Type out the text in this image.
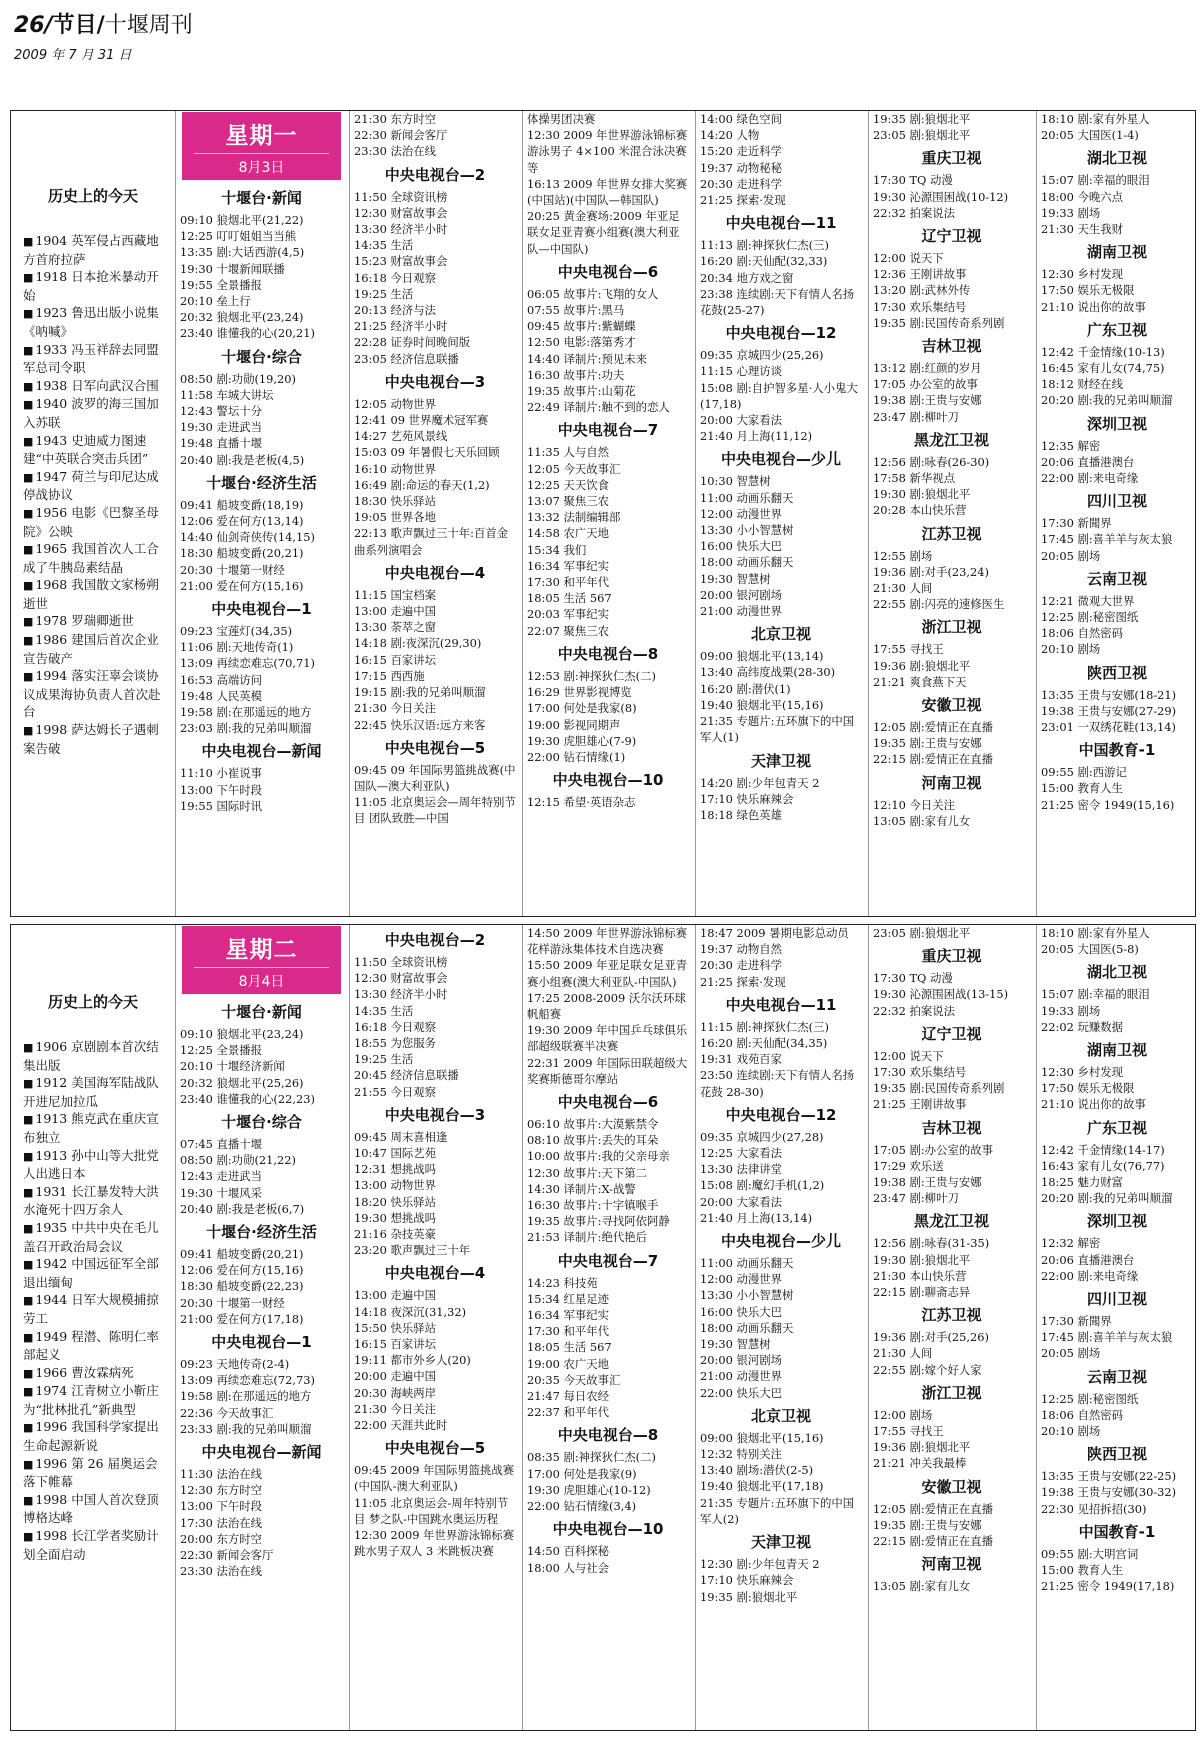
26/节目/十堰周刊
2009 年 7 月 31 日
历史上的今天

■ 1904 英军侵占西藏地方首府拉萨

■ 1918 日本抢米暴动开始

■ 1923 鲁迅出版小说集《呐喊》

■ 1933 冯玉祥辞去同盟军总司令职

■ 1938 日军向武汉合围

■ 1940 波罗的海三国加入苏联

■ 1943 史迪威力图速建“中英联合突击兵团”

■ 1947 荷兰与印尼达成停战协议

■ 1956 电影《巴黎圣母院》公映

■ 1965 我国首次人工合成了牛胰岛素结晶

■ 1968 我国散文家杨朔逝世

■ 1978 罗瑞卿逝世

■ 1986 建国后首次企业宣告破产

■ 1994 落实汪辜会谈协议成果海协负责人首次赴台

■ 1998 萨达姆长子遇刺案告破

星期一
8月3日
十堰台·新闻
09:10 狼烟北平(21,22)
12:25 叮叮姐姐当当熊
13:35 剧:大话西游(4,5)
19:30 十堰新闻联播
19:55 全景播报
20:10 垒上行
20:32 狼烟北平(23,24)
23:40 谁懂我的心(20,21)
十堰台·综合
08:50 剧:功勋(19,20)
11:58 车城大讲坛
12:43 警坛十分
19:30 走进武当
19:48 直播十堰
20:40 剧:我是老板(4,5)
十堰台·经济生活
09:41 船坡变爵(18,19)
12:06 爱在何方(13,14)
14:40 仙剑奇侠传(14,15)
18:30 船坡变爵(20,21)
20:30 十堰第一财经
21:00 爱在何方(15,16)
中央电视台—1
09:23 宝莲灯(34,35)
11:06 剧:天地传奇(1)
13:09 再续恋难忘(70,71)
16:53 高端访问
19:48 人民英模
19:58 剧:在那遥远的地方
23:03 剧:我的兄弟叫顺溜
中央电视台—新闻
11:10 小崔说事
13:00 下午时段
19:55 国际时讯
21:30 东方时空
22:30 新闻会客厅
23:30 法治在线
中央电视台—2
11:50 全球资讯榜
12:30 财富故事会
13:30 经济半小时
14:35 生活
15:23 财富故事会
16:18 今日观察
19:25 生活
20:13 经济与法
21:25 经济半小时
22:28 证券时间晚间版
23:05 经济信息联播
中央电视台—3
12:05 动物世界
12:41 09 世界魔术冠军赛
14:27 艺苑风景线
15:03 09 年暑假七天乐回顾
16:10 动物世界
16:49 剧:命运的春天(1,2)
18:30 快乐驿站
19:05 世界各地
22:13 歌声飘过三十年:百首金曲系列演唱会
中央电视台—4
11:15 国宝档案
13:00 走遍中国
13:30 荼萃之窗
14:18 剧:夜深沉(29,30)
16:15 百家讲坛
17:15 西西施
19:15 剧:我的兄弟叫顺溜
21:30 今日关注
22:45 快乐汉语:远方来客
中央电视台—5
09:45 09 年国际男篮挑战赛(中国队—澳大利亚队)
11:05 北京奥运会—周年特别节目 团队致胜—中国
体操男团决赛
12:30 2009 年世界游泳锦标赛游泳男子 4×100 米混合泳决赛等
16:13 2009 年世界女排大奖赛 (中国站)(中国队—韩国队)
20:25 黄金赛场:2009 年亚足联女足亚青赛小组赛(澳大利亚队—中国队)
中央电视台—6
06:05 故事片:飞翔的女人
07:55 故事片:黑马
09:45 故事片:紫蝴蝶
12:50 电影:落第秀才
14:40 译制片:预见未来
16:30 故事片:功夫
19:35 故事片:山菊花
22:49 译制片:触不到的恋人
中央电视台—7
11:35 人与自然
12:05 今天故事汇
12:25 天天饮食
13:07 聚焦三农
13:32 法制编辑部
14:58 农广天地
15:34 我们
16:34 军事纪实
17:30 和平年代
18:05 生活 567
20:03 军事纪实
22:07 聚焦三农
中央电视台—8
12:53 剧:神探狄仁杰(二)
16:29 世界影视博览
17:00 何处是我家(8)
19:00 影视同期声
19:30 虎胆雄心(7-9)
22:00 钻石情缘(1)
中央电视台—10
12:15 希望·英语杂志
14:00 绿色空间
14:20 人物
15:20 走近科学
19:37 动物秘秘
20:30 走进科学
21:25 探索·发现
中央电视台—11
11:13 剧:神探狄仁杰(三)
16:20 剧:天仙配(32,33)
20:34 地方戏之窗
23:38 连续剧:天下有情人名扬花鼓(25-27)
中央电视台—12
09:35 京城四少(25,26)
11:15 心理访谈
15:08 剧:自护智多星·人小鬼大(17,18)
20:00 大家看法
21:40 月上海(11,12)
中央电视台—少儿
10:30 智慧树
11:00 动画乐翻天
12:00 动漫世界
13:30 小小智慧树
16:00 快乐大巴
18:00 动画乐翻天
19:30 智慧树
20:00 银河剧场
21:00 动漫世界
北京卫视
09:00 狼烟北平(13,14)
13:40 高纬度战栗(28-30)
16:20 剧:潜伏(1)
19:40 狼烟北平(15,16)
21:35 专题片:五环旗下的中国军人(1)
天津卫视
14:20 剧:少年包青天 2
17:10 快乐麻辣会
18:18 绿色英雄
19:35 剧:狼烟北平
23:05 剧:狼烟北平
重庆卫视
17:30 TQ 动漫
19:30 沁源围困战(10-12)
22:32 拍案说法
辽宁卫视
12:00 说天下
12:36 王刚讲故事
13:20 剧:武林外传
17:30 欢乐集结号
19:35 剧:民国传奇系列剧
吉林卫视
13:12 剧:红颜的岁月
17:05 办公室的故事
19:38 剧:王贵与安娜
23:47 剧:柳叶刀
黑龙江卫视
12:56 剧:咏春(26-30)
17:58 新华视点
19:30 剧:狼烟北平
20:28 本山快乐营
江苏卫视
12:55 剧场
19:36 剧:对手(23,24)
21:30 人间
22:55 剧:闪亮的速修医生
浙江卫视
17:55 寻找王
19:36 剧:狼烟北平
21:21 爽食燕下天
安徽卫视
12:05 剧:爱情正在直播
19:35 剧:王贵与安娜
22:15 剧:爱情正在直播
河南卫视
12:10 今日关注
13:05 剧:家有儿女
18:10 剧:家有外星人
20:05 大国医(1-4)
湖北卫视
15:07 剧:幸福的眼泪
18:00 今晚六点
19:33 剧场
21:30 天生我财
湖南卫视
12:30 乡村发现
17:50 娱乐无极限
21:10 说出你的故事
广东卫视
12:42 千金情缘(10-13)
16:45 家有儿女(74,75)
18:12 财经在线
20:20 剧:我的兄弟叫顺溜
深圳卫视
12:35 解密
20:06 直播港澳台
22:00 剧:来电奇缘
四川卫视
17:30 新聞界
17:45 剧:喜羊羊与灰太狼
20:05 剧场
云南卫视
12:21 微观大世界
12:25 剧:秘密图纸
18:06 自然密码
20:10 剧场
陕西卫视
13:35 王贵与安娜(18-21)
19:38 王贵与安娜(27-29)
23:01 一双绣花鞋(13,14)
中国教育-1
09:55 剧:西游记
15:00 教育人生
21:25 密令 1949(15,16)
历史上的今天

■ 1906 京剧剧本首次结集出版

■ 1912 美国海军陆战队开进尼加拉瓜

■ 1913 熊克武在重庆宣布独立

■ 1913 孙中山等大批党人出逃日本

■ 1931 长江暴发特大洪水淹死十四万余人

■ 1935 中共中央在毛儿盖召开政治局会议

■ 1942 中国远征军全部退出缅甸

■ 1944 日军大规模捕掠劳工

■ 1949 程潜、陈明仁率部起义

■ 1966 曹汝霖病死

■ 1974 江青树立小靳庄为“批林批孔”新典型

■ 1996 我国科学家提出生命起源新说

■ 1996 第 26 届奥运会落下帷幕

■ 1998 中国人首次登顶博格达峰

■ 1998 长江学者奖励计划全面启动

星期二
8月4日
十堰台·新闻
09:10 狼烟北平(23,24)
12:25 全景播报
20:10 十堰经济新闻
20:32 狼烟北平(25,26)
23:40 谁懂我的心(22,23)
十堰台·综合
07:45 直播十堰
08:50 剧:功勋(21,22)
12:43 走进武当
19:30 十堰风采
20:40 剧:我是老板(6,7)
十堰台·经济生活
09:41 船坡变爵(20,21)
12:06 爱在何方(15,16)
18:30 船坡变爵(22,23)
20:30 十堰第一财经
21:00 爱在何方(17,18)
中央电视台—1
09:23 天地传奇(2-4)
13:09 再续恋难忘(72,73)
19:58 剧:在那遥远的地方
22:36 今天故事汇
23:33 剧:我的兄弟叫顺溜
中央电视台—新闻
11:30 法治在线
12:30 东方时空
13:00 下午时段
17:30 法治在线
20:00 东方时空
22:30 新闻会客厅
23:30 法治在线
中央电视台—2
11:50 全球资讯榜
12:30 财富故事会
13:30 经济半小时
14:35 生活
16:18 今日观察
18:55 为您服务
19:25 生活
20:45 经济信息联播
21:55 今日观察
中央电视台—3
09:45 周末喜相逢
10:47 国际艺苑
12:31 想挑战吗
13:00 动物世界
18:20 快乐驿站
19:30 想挑战吗
21:16 杂技英豪
23:20 歌声飘过三十年
中央电视台—4
13:00 走遍中国
14:18 夜深沉(31,32)
15:50 快乐驿站
16:15 百家讲坛
19:11 都市外乡人(20)
20:00 走遍中国
20:30 海峡两岸
21:30 今日关注
22:00 天涯共此时
中央电视台—5
09:45 2009 年国际男篮挑战赛(中国队-澳大利亚队)
11:05 北京奥运会-周年特别节目 梦之队-中国跳水奥运历程
12:30 2009 年世界游泳锦标赛跳水男子双人 3 米跳板决赛
14:50 2009 年世界游泳锦标赛花样游泳集体技术自选决赛
15:50 2009 年亚足联女足亚青赛小组赛(澳大利亚队-中国队)
17:25 2008-2009 沃尔沃环球帆船赛
19:30 2009 年中国乒乓球俱乐部超级联赛半决赛
22:31 2009 年国际田联超级大奖赛斯德哥尔摩站
中央电视台—6
06:10 故事片:大漠紫禁令
08:10 故事片:丢失的耳朵
10:00 故事片:我的父亲母亲
12:30 故事片:天下第二
14:30 译制片:X-战警
16:30 故事片:十字镇喉手
19:35 故事片:寻找阿依阿静
21:53 译制片:绝代艳后
中央电视台—7
14:23 科技苑
15:34 红星足迹
16:34 军事纪实
17:30 和平年代
18:05 生活 567
19:00 农广天地
20:35 今天故事汇
21:47 每日农经
22:37 和平年代
中央电视台—8
08:35 剧:神探狄仁杰(二)
17:00 何处是我家(9)
19:30 虎胆雄心(10-12)
22:00 钻石情缘(3,4)
中央电视台—10
14:50 百科探秘
18:00 人与社会
18:47 2009 暑期电影总动员
19:37 动物自然
20:30 走进科学
21:25 探索·发现
中央电视台—11
11:15 剧:神探狄仁杰(三)
16:20 剧:天仙配(34,35)
19:31 戏苑百家
23:50 连续剧:天下有情人名扬花鼓 28-30)
中央电视台—12
09:35 京城四少(27,28)
12:25 大家看法
13:30 法律讲堂
15:08 剧:魔幻手机(1,2)
20:00 大家看法
21:40 月上海(13,14)
中央电视台—少儿
11:00 动画乐翻天
12:00 动漫世界
13:30 小小智慧树
16:00 快乐大巴
18:00 动画乐翻天
19:30 智慧树
20:00 银河剧场
21:00 动漫世界
22:00 快乐大巴
北京卫视
09:00 狼烟北平(15,16)
12:32 特别关注
13:40 剧场:潜伏(2-5)
19:40 狼烟北平(17,18)
21:35 专题片:五环旗下的中国军人(2)
天津卫视
12:30 剧:少年包青天 2
17:10 快乐麻辣会
19:35 剧:狼烟北平
23:05 剧:狼烟北平
重庆卫视
17:30 TQ 动漫
19:30 沁源围困战(13-15)
22:32 拍案说法
辽宁卫视
12:00 说天下
17:30 欢乐集结号
19:35 剧:民国传奇系列剧
21:25 王刚讲故事
吉林卫视
17:05 剧:办公室的故事
17:29 欢乐送
19:38 剧:王贵与安娜
23:47 剧:柳叶刀
黑龙江卫视
12:56 剧:咏春(31-35)
19:30 剧:狼烟北平
21:30 本山快乐营
22:15 剧:聊斋志异
江苏卫视
19:36 剧:对手(25,26)
21:30 人间
22:55 剧:嫁个好人家
浙江卫视
12:00 剧场
17:55 寻找王
19:36 剧:狼烟北平
21:21 冲关我最棒
安徽卫视
12:05 剧:爱情正在直播
19:35 剧:王贵与安娜
22:15 剧:爱情正在直播
河南卫视
13:05 剧:家有儿女
18:10 剧:家有外星人
20:05 大国医(5-8)
湖北卫视
15:07 剧:幸福的眼泪
19:33 剧场
22:02 玩赚数据
湖南卫视
12:30 乡村发现
17:50 娱乐无极限
21:10 说出你的故事
广东卫视
12:42 千金情缘(14-17)
16:43 家有儿女(76,77)
18:25 魅力财富
20:20 剧:我的兄弟叫顺溜
深圳卫视
12:32 解密
20:06 直播港澳台
22:00 剧:来电奇缘
四川卫视
17:30 新聞界
17:45 剧:喜羊羊与灰太狼
20:05 剧场
云南卫视
12:25 剧:秘密图纸
18:06 自然密码
20:10 剧场
陕西卫视
13:35 王贵与安娜(22-25)
19:38 王贵与安娜(30-32)
22:30 见招拆招(30)
中国教育-1
09:55 剧:大明宫词
15:00 教育人生
21:25 密令 1949(17,18)
